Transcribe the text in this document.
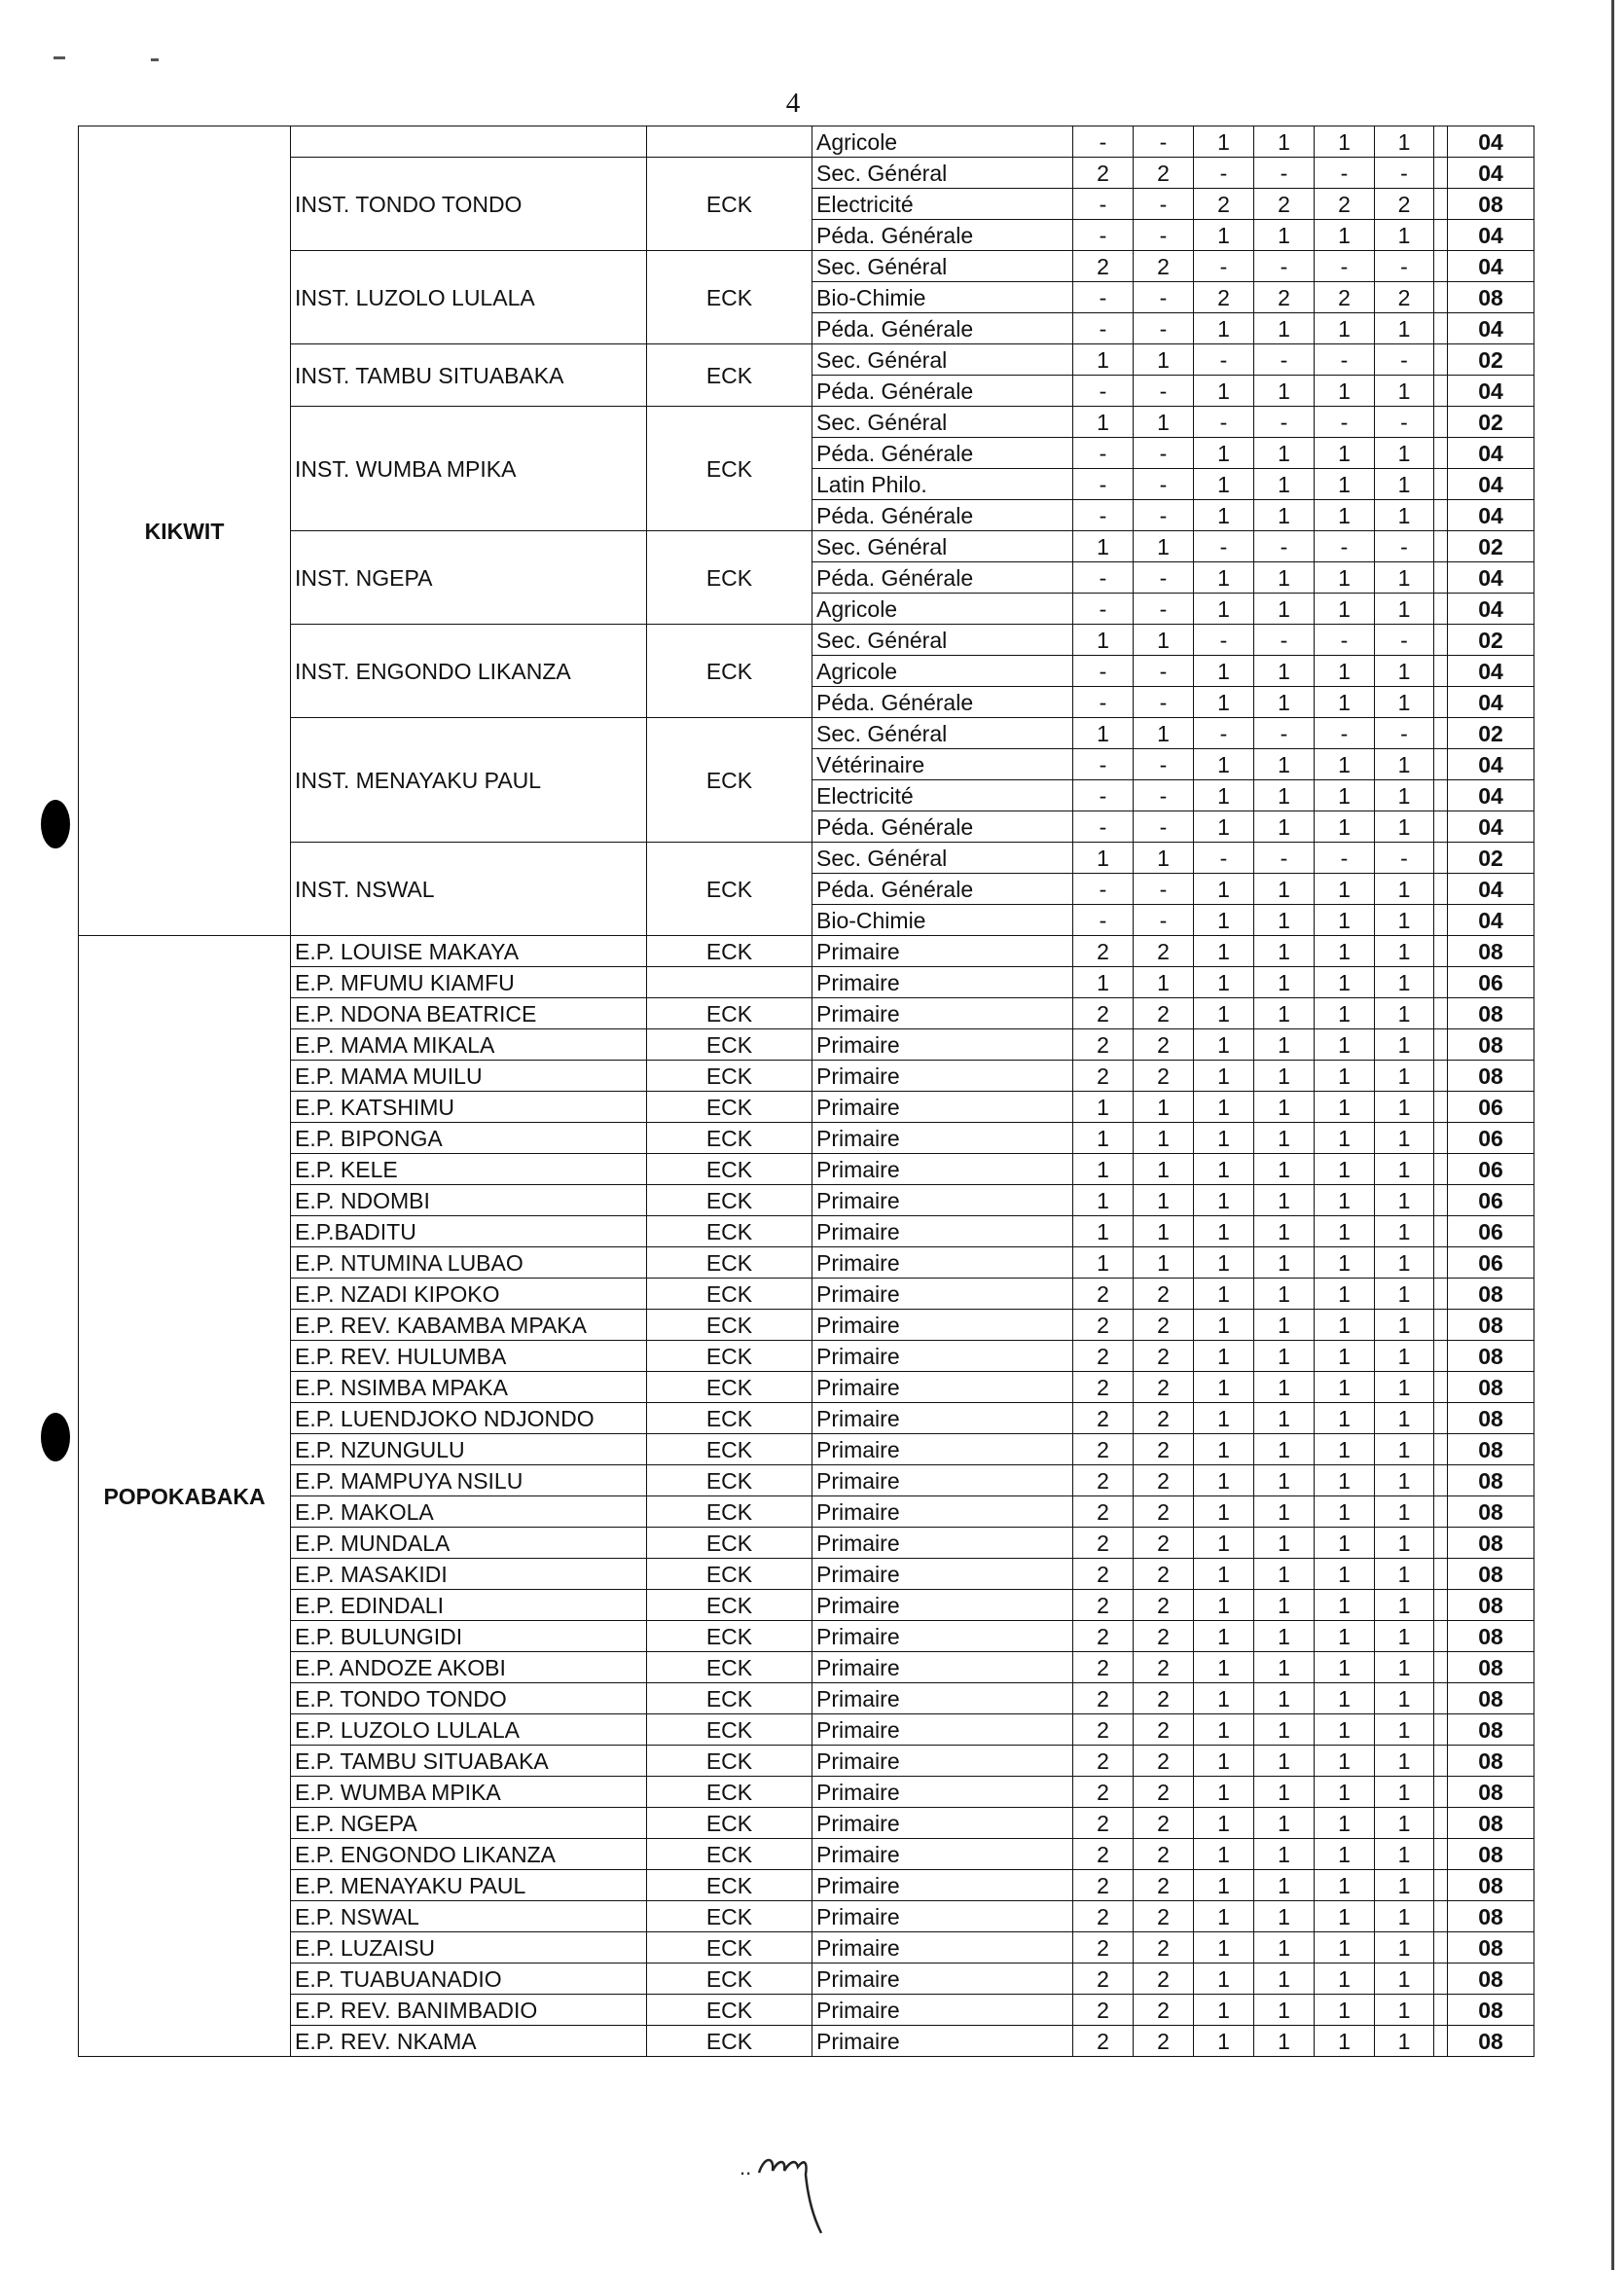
4
KIKWIT			Agricole	-	-	1	1	1	1		04
	INST. TONDO TONDO	ECK	Sec. Général	2	2	-	-	-	-		04
			Electricité	-	-	2	2	2	2		08
			Péda. Générale	-	-	1	1	1	1		04
	INST. LUZOLO LULALA	ECK	Sec. Général	2	2	-	-	-	-		04
			Bio-Chimie	-	-	2	2	2	2		08
			Péda. Générale	-	-	1	1	1	1		04
	INST. TAMBU SITUABAKA	ECK	Sec. Général	1	1	-	-	-	-		02
			Péda. Générale	-	-	1	1	1	1		04
	INST. WUMBA MPIKA	ECK	Sec. Général	1	1	-	-	-	-		02
			Péda. Générale	-	-	1	1	1	1		04
			Latin Philo.	-	-	1	1	1	1		04
			Péda. Générale	-	-	1	1	1	1		04
	INST. NGEPA	ECK	Sec. Général	1	1	-	-	-	-		02
			Péda. Générale	-	-	1	1	1	1		04
			Agricole	-	-	1	1	1	1		04
	INST. ENGONDO LIKANZA	ECK	Sec. Général	1	1	-	-	-	-		02
			Agricole	-	-	1	1	1	1		04
			Péda. Générale	-	-	1	1	1	1		04
	INST. MENAYAKU PAUL	ECK	Sec. Général	1	1	-	-	-	-		02
			Vétérinaire	-	-	1	1	1	1		04
			Electricité	-	-	1	1	1	1		04
			Péda. Générale	-	-	1	1	1	1		04
	INST. NSWAL	ECK	Sec. Général	1	1	-	-	-	-		02
			Péda. Générale	-	-	1	1	1	1		04
			Bio-Chimie	-	-	1	1	1	1		04
POPOKABAKA	E.P. LOUISE MAKAYA	ECK	Primaire	2	2	1	1	1	1		08
	E.P. MFUMU KIAMFU		Primaire	1	1	1	1	1	1		06
	E.P. NDONA BEATRICE	ECK	Primaire	2	2	1	1	1	1		08
	E.P. MAMA MIKALA	ECK	Primaire	2	2	1	1	1	1		08
	E.P. MAMA MUILU	ECK	Primaire	2	2	1	1	1	1		08
	E.P. KATSHIMU	ECK	Primaire	1	1	1	1	1	1		06
	E.P. BIPONGA	ECK	Primaire	1	1	1	1	1	1		06
	E.P. KELE	ECK	Primaire	1	1	1	1	1	1		06
	E.P. NDOMBI	ECK	Primaire	1	1	1	1	1	1		06
	E.P.BADITU	ECK	Primaire	1	1	1	1	1	1		06
	E.P. NTUMINA LUBAO	ECK	Primaire	1	1	1	1	1	1		06
	E.P. NZADI KIPOKO	ECK	Primaire	2	2	1	1	1	1		08
	E.P. REV. KABAMBA MPAKA	ECK	Primaire	2	2	1	1	1	1		08
	E.P. REV. HULUMBA	ECK	Primaire	2	2	1	1	1	1		08
	E.P. NSIMBA MPAKA	ECK	Primaire	2	2	1	1	1	1		08
	E.P. LUENDJOKO NDJONDO	ECK	Primaire	2	2	1	1	1	1		08
	E.P. NZUNGULU	ECK	Primaire	2	2	1	1	1	1		08
	E.P. MAMPUYA NSILU	ECK	Primaire	2	2	1	1	1	1		08
	E.P. MAKOLA	ECK	Primaire	2	2	1	1	1	1		08
	E.P. MUNDALA	ECK	Primaire	2	2	1	1	1	1		08
	E.P. MASAKIDI	ECK	Primaire	2	2	1	1	1	1		08
	E.P. EDINDALI	ECK	Primaire	2	2	1	1	1	1		08
	E.P. BULUNGIDI	ECK	Primaire	2	2	1	1	1	1		08
	E.P. ANDOZE AKOBI	ECK	Primaire	2	2	1	1	1	1		08
	E.P. TONDO TONDO	ECK	Primaire	2	2	1	1	1	1		08
	E.P. LUZOLO LULALA	ECK	Primaire	2	2	1	1	1	1		08
	E.P. TAMBU SITUABAKA	ECK	Primaire	2	2	1	1	1	1		08
	E.P. WUMBA MPIKA	ECK	Primaire	2	2	1	1	1	1		08
	E.P. NGEPA	ECK	Primaire	2	2	1	1	1	1		08
	E.P. ENGONDO LIKANZA	ECK	Primaire	2	2	1	1	1	1		08
	E.P. MENAYAKU PAUL	ECK	Primaire	2	2	1	1	1	1		08
	E.P. NSWAL	ECK	Primaire	2	2	1	1	1	1		08
	E.P. LUZAISU	ECK	Primaire	2	2	1	1	1	1		08
	E.P. TUABUANADIO	ECK	Primaire	2	2	1	1	1	1		08
	E.P. REV. BANIMBADIO	ECK	Primaire	2	2	1	1	1	1		08
	E.P. REV. NKAMA	ECK	Primaire	2	2	1	1	1	1		08
..
